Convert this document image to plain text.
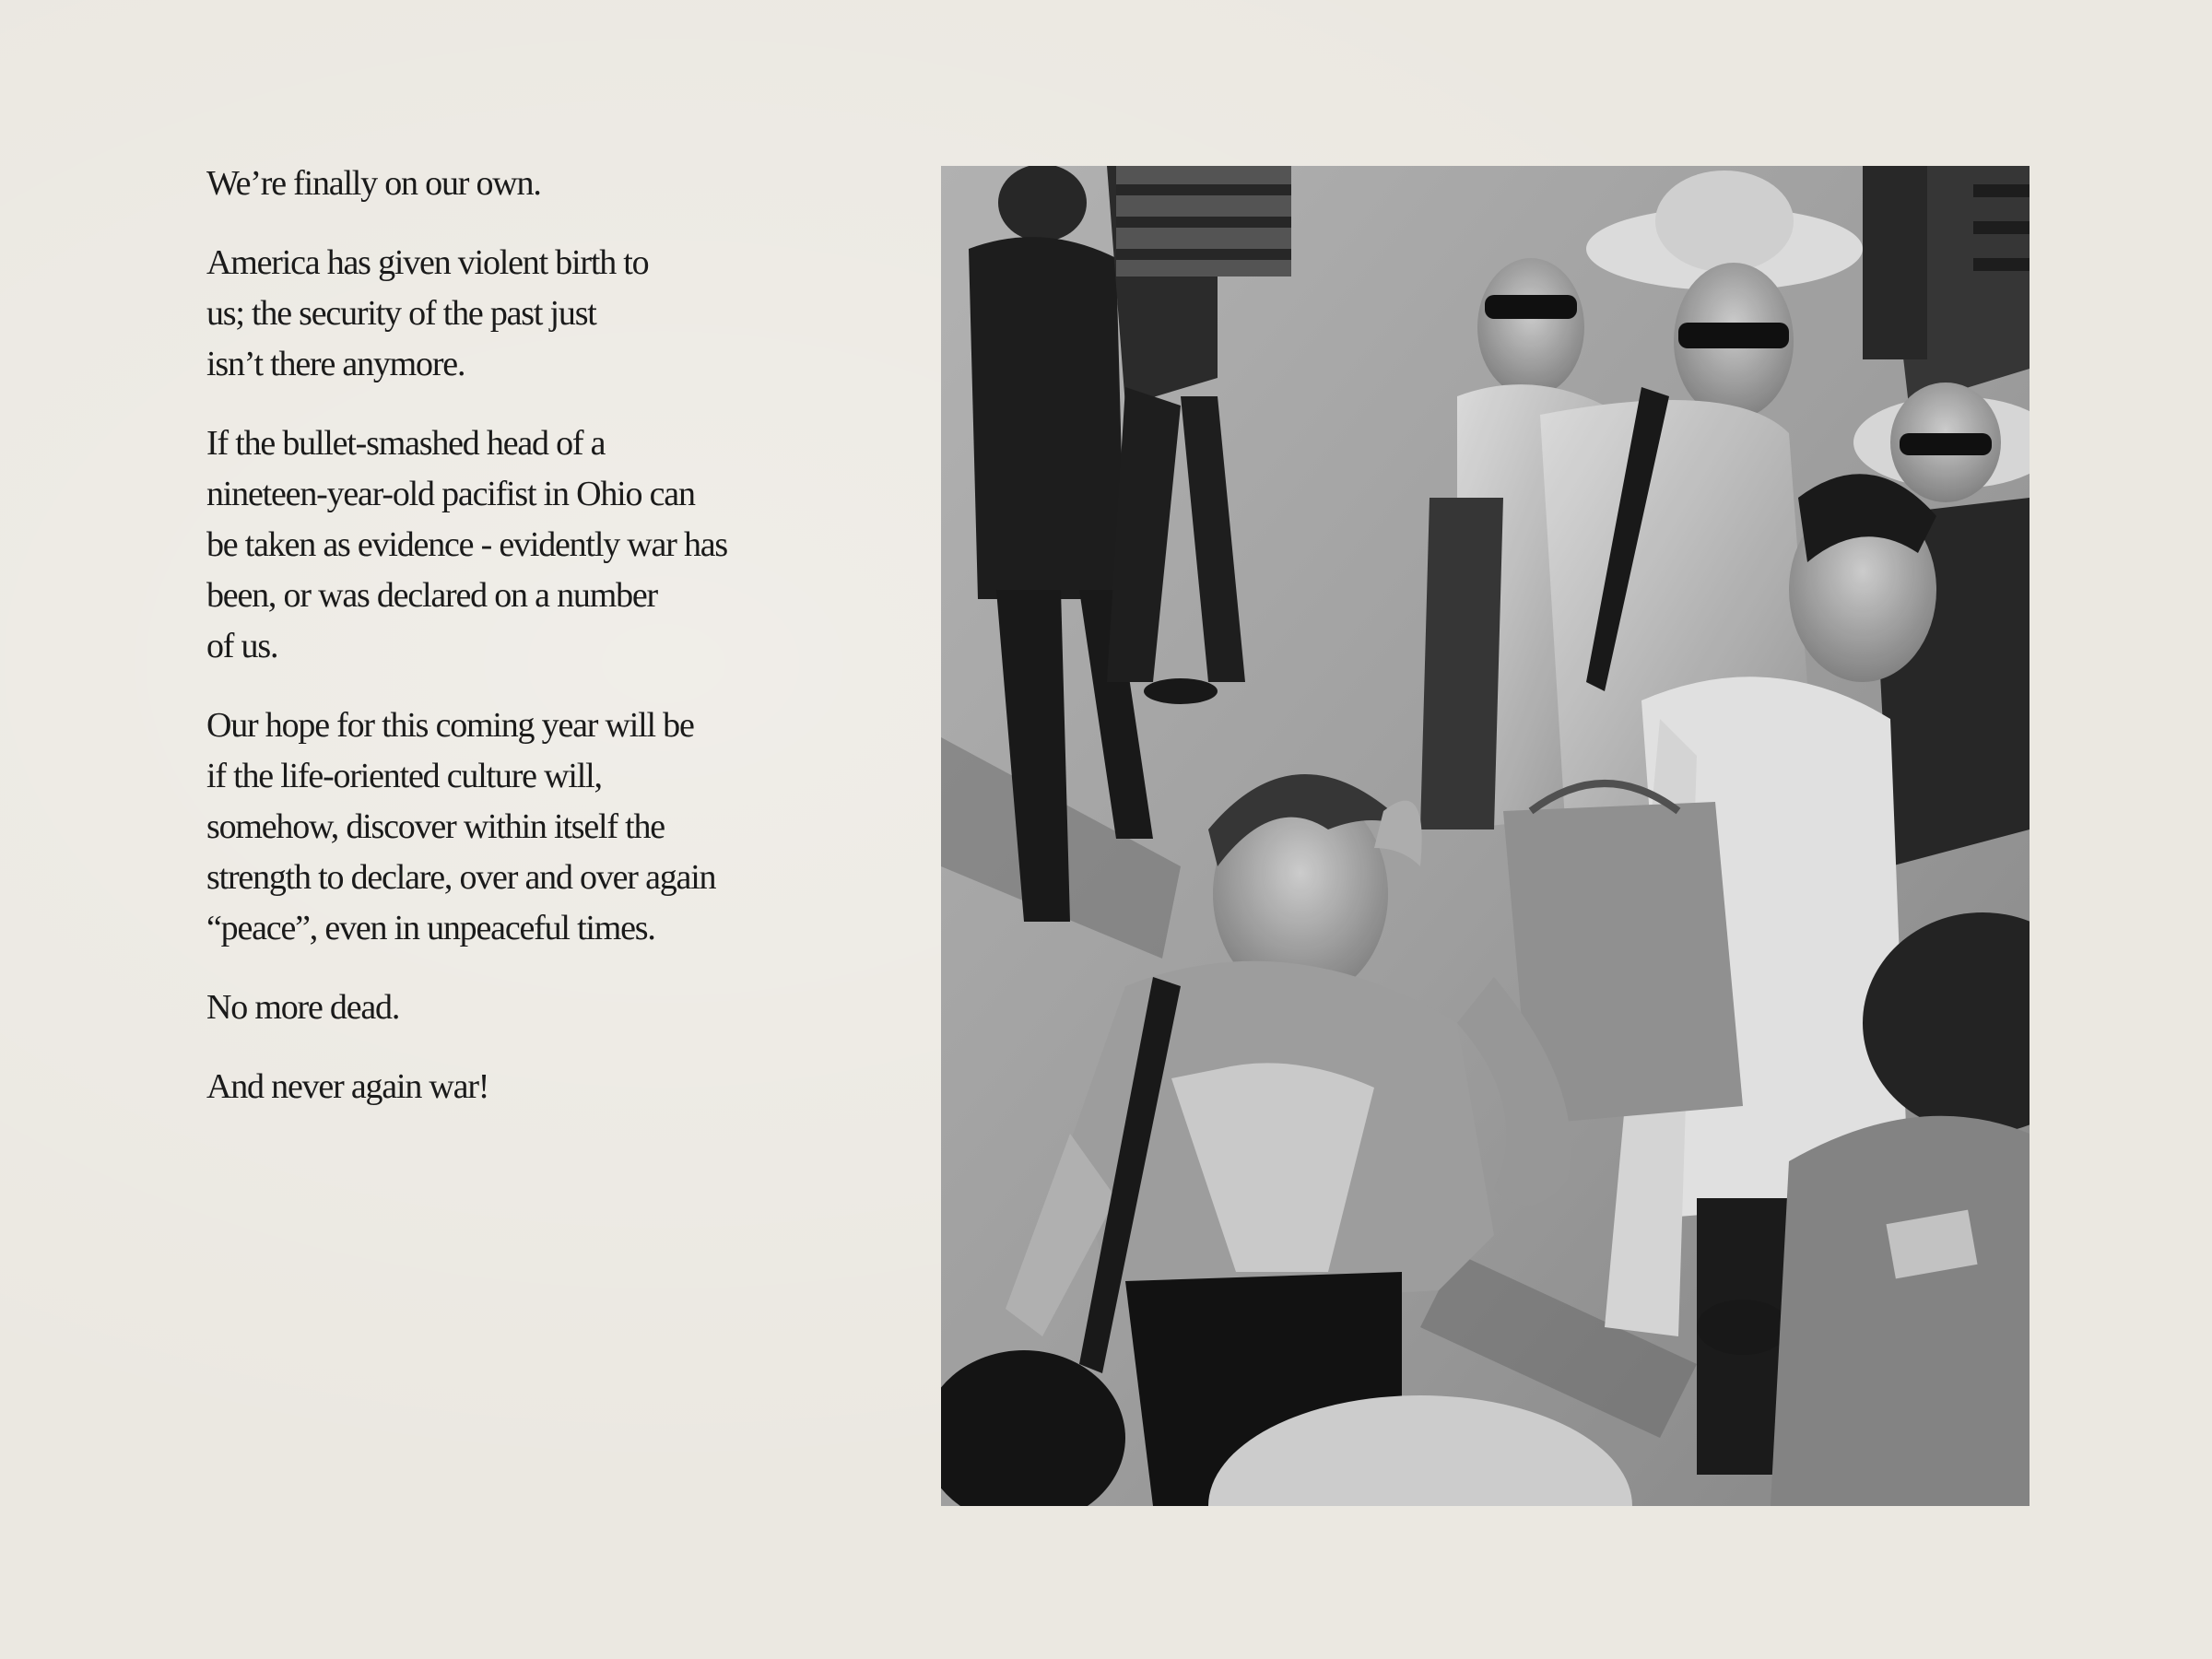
We’re finally on our own.

America has given violent birth to
us; the security of the past just
isn’t there anymore.

If the bullet-smashed head of a
nineteen-year-old pacifist in Ohio can
be taken as evidence - evidently war has
been, or was declared on a number
of us.

Our hope for this coming year will be
if the life-oriented culture will,
somehow, discover within itself the
strength to declare, over and over again
“peace”, even in unpeaceful times.

No more dead.

And never again war!
